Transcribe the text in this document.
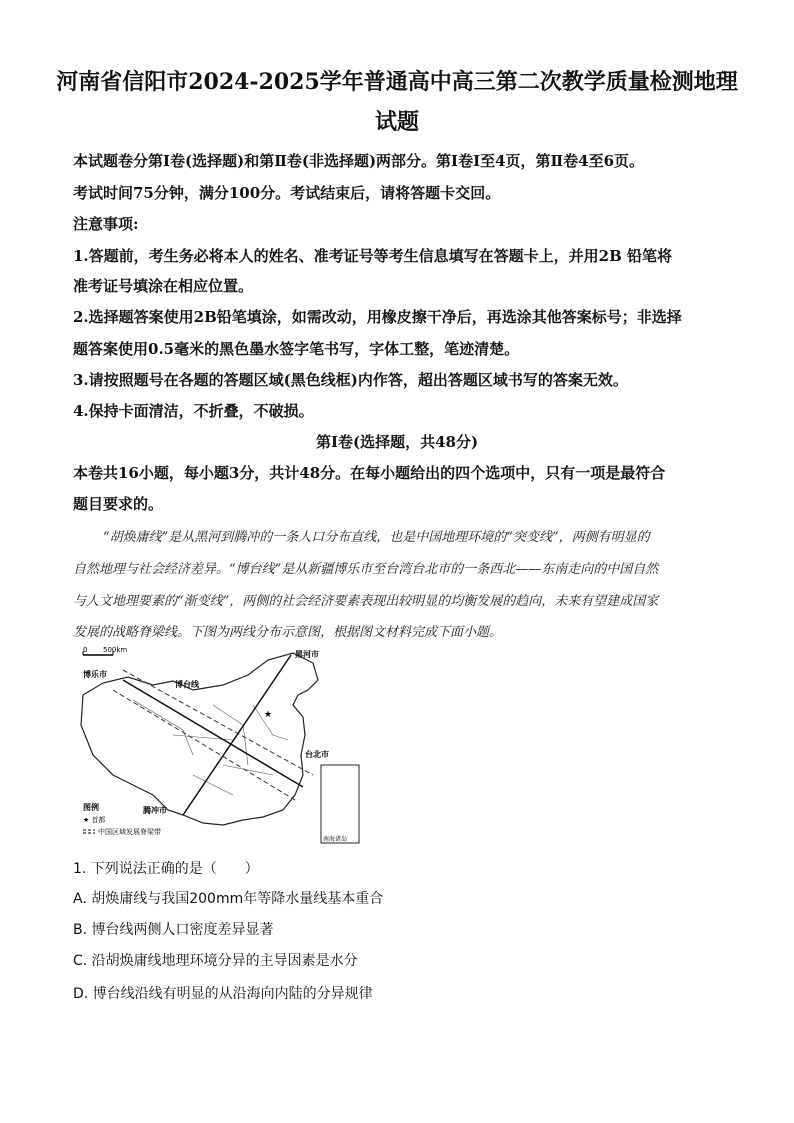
河南省信阳市2024-2025学年普通高中高三第二次教学质量检测地理
试题
本试题卷分第Ⅰ卷(选择题)和第Ⅱ卷(非选择题)两部分。第Ⅰ卷Ⅰ至4页，第Ⅱ卷4至6页。
考试时间75分钟，满分100分。考试结束后，请将答题卡交回。
注意事项:
1.答题前，考生务必将本人的姓名、准考证号等考生信息填写在答题卡上，并用2B 铅笔将
准考证号填涂在相应位置。
2.选择题答案使用2B铅笔填涂，如需改动，用橡皮擦干净后，再选涂其他答案标号；非选择
题答案使用0.5毫米的黑色墨水签字笔书写，字体工整，笔迹清楚。
3.请按照题号在各题的答题区域(黑色线框)内作答，超出答题区域书写的答案无效。
4.保持卡面清洁，不折叠，不破损。
第Ⅰ卷(选择题，共48分)
本卷共16小题，每小题3分，共计48分。在每小题给出的四个选项中，只有一项是最符合
题目要求的。
“胡焕庸线”是从黑河到腾冲的一条人口分布直线，也是中国地理环境的“突变线”，两侧有明显的
自然地理与社会经济差异。“博台线”是从新疆博乐市至台湾台北市的一条西北——东南走向的中国自然
与人文地理要素的“渐变线”，两侧的社会经济要素表现出较明显的均衡发展的趋向，未来有望建成国家
发展的战略脊梁线。下图为两线分布示意图，根据图文材料完成下面小题。
0 500km	黑河市
博乐市
博台线
腾冲市
台北市
南海诸岛
★
图例
★ 首都
中国区域发展脊梁带
1. 下列说法正确的是（　　）
A. 胡焕庸线与我国200mm年等降水量线基本重合
B. 博台线两侧人口密度差异显著
C. 沿胡焕庸线地理环境分异的主导因素是水分
D. 博台线沿线有明显的从沿海向内陆的分异规律
